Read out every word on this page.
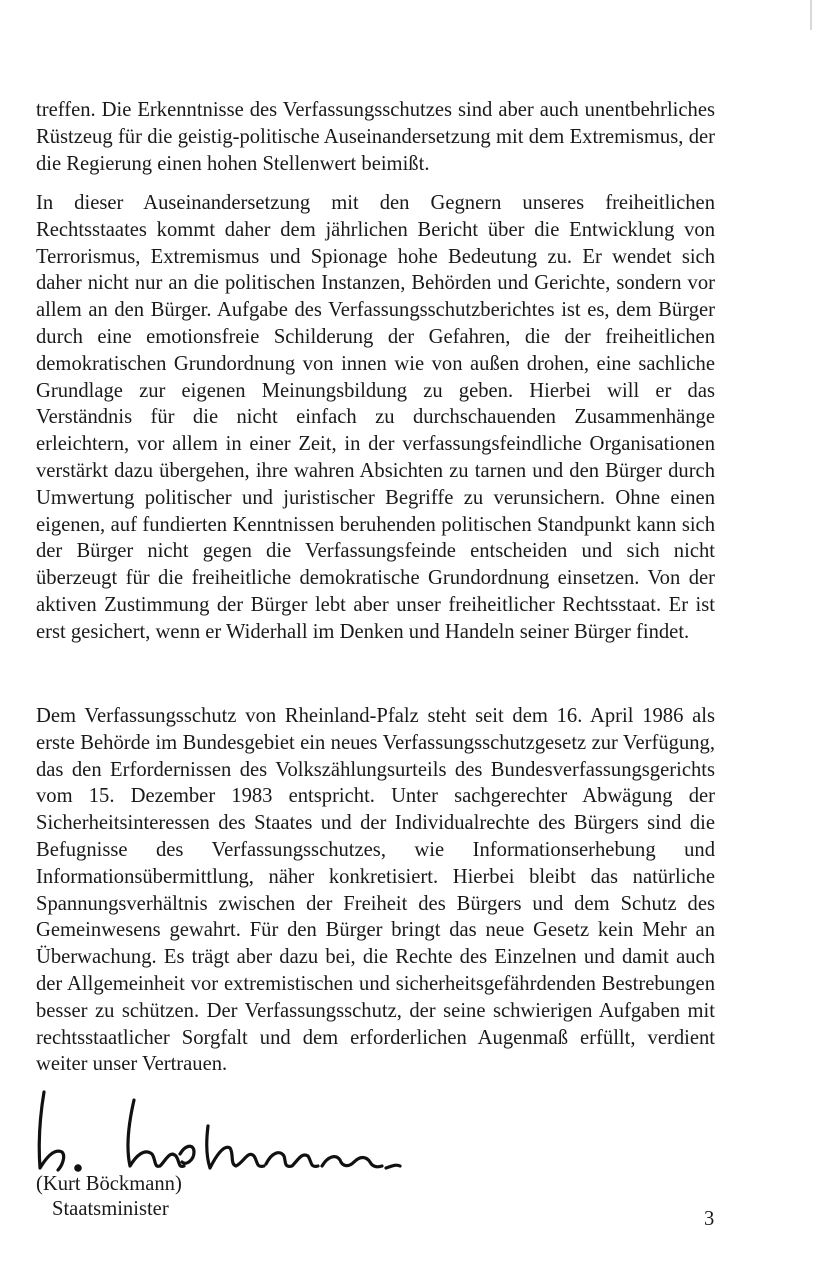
treffen. Die Erkenntnisse des Verfassungsschutzes sind aber auch unentbehrliches Rüstzeug für die geistig-politische Auseinandersetzung mit dem Extremismus, der die Regierung einen hohen Stellenwert beimißt.

In dieser Auseinandersetzung mit den Gegnern unseres freiheitlichen Rechtsstaates kommt daher dem jährlichen Bericht über die Entwicklung von Terrorismus, Extremismus und Spionage hohe Bedeutung zu. Er wendet sich daher nicht nur an die politischen Instanzen, Behörden und Gerichte, sondern vor allem an den Bürger. Aufgabe des Verfassungsschutzberichtes ist es, dem Bürger durch eine emotionsfreie Schilderung der Gefahren, die der freiheitlichen demokratischen Grundordnung von innen wie von außen drohen, eine sachliche Grundlage zur eigenen Meinungsbildung zu geben. Hierbei will er das Verständnis für die nicht einfach zu durchschauenden Zusammenhänge erleichtern, vor allem in einer Zeit, in der verfassungsfeindliche Organisationen verstärkt dazu übergehen, ihre wahren Absichten zu tarnen und den Bürger durch Umwertung politischer und juristischer Begriffe zu verunsichern. Ohne einen eigenen, auf fundierten Kenntnissen beruhenden politischen Standpunkt kann sich der Bürger nicht gegen die Verfassungsfeinde entscheiden und sich nicht überzeugt für die freiheitliche demokratische Grundordnung einsetzen. Von der aktiven Zustimmung der Bürger lebt aber unser freiheitlicher Rechtsstaat. Er ist erst gesichert, wenn er Widerhall im Denken und Handeln seiner Bürger findet.

Dem Verfassungsschutz von Rheinland-Pfalz steht seit dem 16. April 1986 als erste Behörde im Bundesgebiet ein neues Verfassungsschutzgesetz zur Verfügung, das den Erfordernissen des Volkszählungsurteils des Bundesverfassungsgerichts vom 15. Dezember 1983 entspricht. Unter sachgerechter Abwägung der Sicherheitsinteressen des Staates und der Individualrechte des Bürgers sind die Befugnisse des Verfassungsschutzes, wie Informationserhebung und Informationsübermittlung, näher konkretisiert. Hierbei bleibt das natürliche Spannungsverhältnis zwischen der Freiheit des Bürgers und dem Schutz des Gemeinwesens gewahrt. Für den Bürger bringt das neue Gesetz kein Mehr an Überwachung. Es trägt aber dazu bei, die Rechte des Einzelnen und damit auch der Allgemeinheit vor extremistischen und sicherheitsgefährdenden Bestrebungen besser zu schützen. Der Verfassungsschutz, der seine schwierigen Aufgaben mit rechtsstaatlicher Sorgfalt und dem erforderlichen Augenmaß erfüllt, verdient weiter unser Vertrauen.

(Kurt Böckmann)

Staatsminister	3
